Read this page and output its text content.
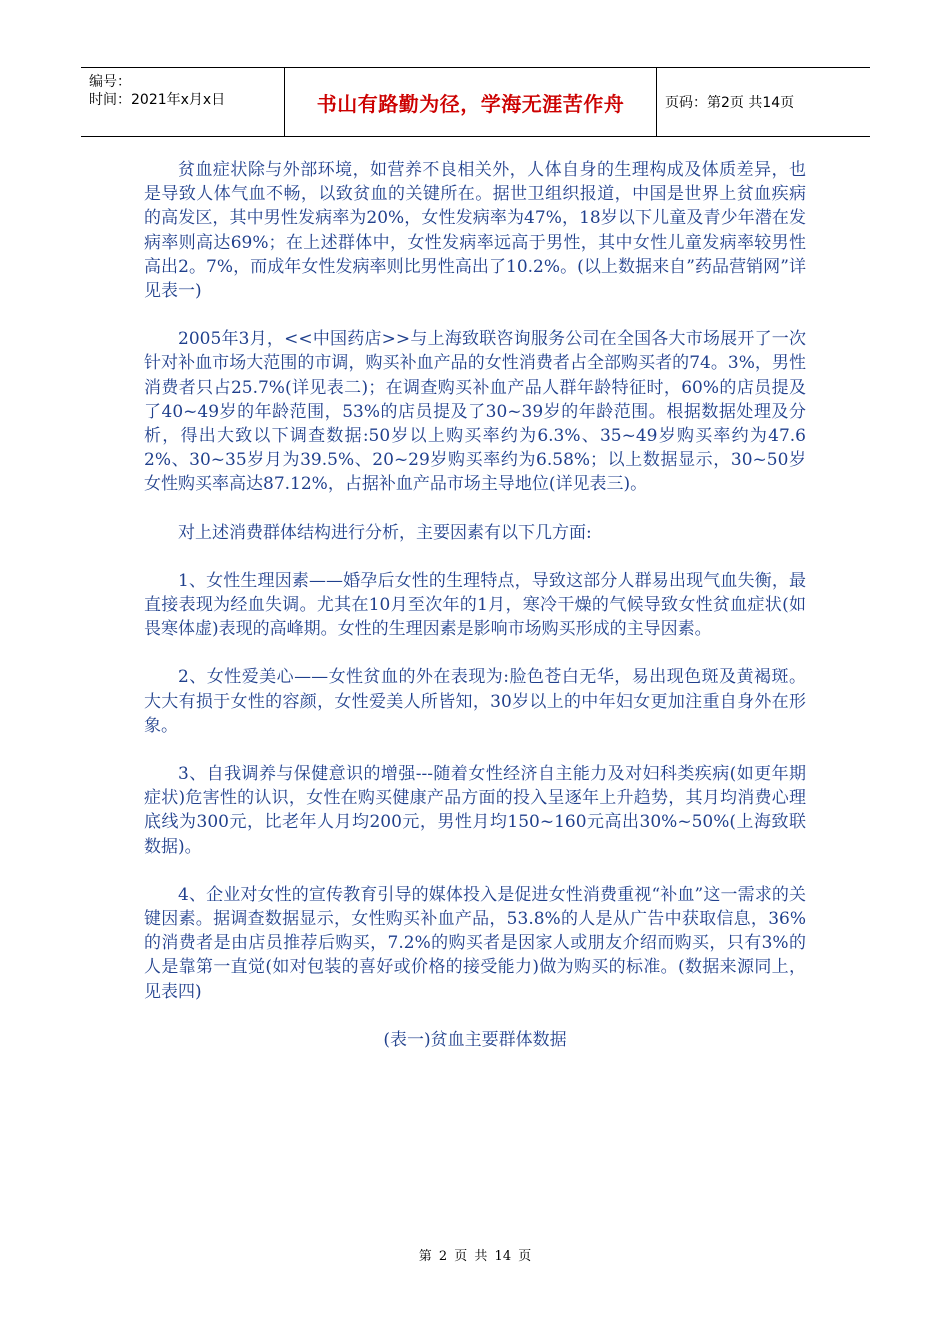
编号：
时间：2021年x月x日	书山有路勤为径，学海无涯苦作舟	页码：第2页 共14页

贫血症状除与外部环境，如营养不良相关外，人体自身的生理构成及体质差异，也是导致人体气血不畅，以致贫血的关键所在。据世卫组织报道，中国是世界上贫血疾病的高发区，其中男性发病率为20%，女性发病率为47%，18岁以下儿童及青少年潜在发病率则高达69%；在上述群体中，女性发病率远高于男性，其中女性儿童发病率较男性高出2。7%，而成年女性发病率则比男性高出了10.2%。(以上数据来自”药品营销网”详见表一)

2005年3月，<<中国药店>>与上海致联咨询服务公司在全国各大市场展开了一次针对补血市场大范围的市调，购买补血产品的女性消费者占全部购买者的74。3%，男性消费者只占25.7%(详见表二)；在调查购买补血产品人群年龄特征时，60%的店员提及了40~49岁的年龄范围，53%的店员提及了30~39岁的年龄范围。根据数据处理及分析，得出大致以下调查数据:50岁以上购买率约为6.3%、35~49岁购买率约为47.62%、30~35岁月为39.5%、20~29岁购买率约为6.58%；以上数据显示，30~50岁女性购买率高达87.12%，占据补血产品市场主导地位(详见表三)。

对上述消费群体结构进行分析，主要因素有以下几方面:

1、女性生理因素——婚孕后女性的生理特点，导致这部分人群易出现气血失衡，最直接表现为经血失调。尤其在10月至次年的1月，寒冷干燥的气候导致女性贫血症状(如畏寒体虚)表现的高峰期。女性的生理因素是影响市场购买形成的主导因素。

2、女性爱美心——女性贫血的外在表现为:脸色苍白无华，易出现色斑及黄褐斑。大大有损于女性的容颜，女性爱美人所皆知，30岁以上的中年妇女更加注重自身外在形象。

3、自我调养与保健意识的增强---随着女性经济自主能力及对妇科类疾病(如更年期症状)危害性的认识，女性在购买健康产品方面的投入呈逐年上升趋势，其月均消费心理底线为300元，比老年人月均200元，男性月均150~160元高出30%~50%(上海致联数据)。

4、企业对女性的宣传教育引导的媒体投入是促进女性消费重视“补血”这一需求的关键因素。据调查数据显示，女性购买补血产品，53.8%的人是从广告中获取信息，36%的消费者是由店员推荐后购买，7.2%的购买者是因家人或朋友介绍而购买，只有3%的人是靠第一直觉(如对包装的喜好或价格的接受能力)做为购买的标准。(数据来源同上，见表四)

(表一)贫血主要群体数据

第 2 页 共 14 页
